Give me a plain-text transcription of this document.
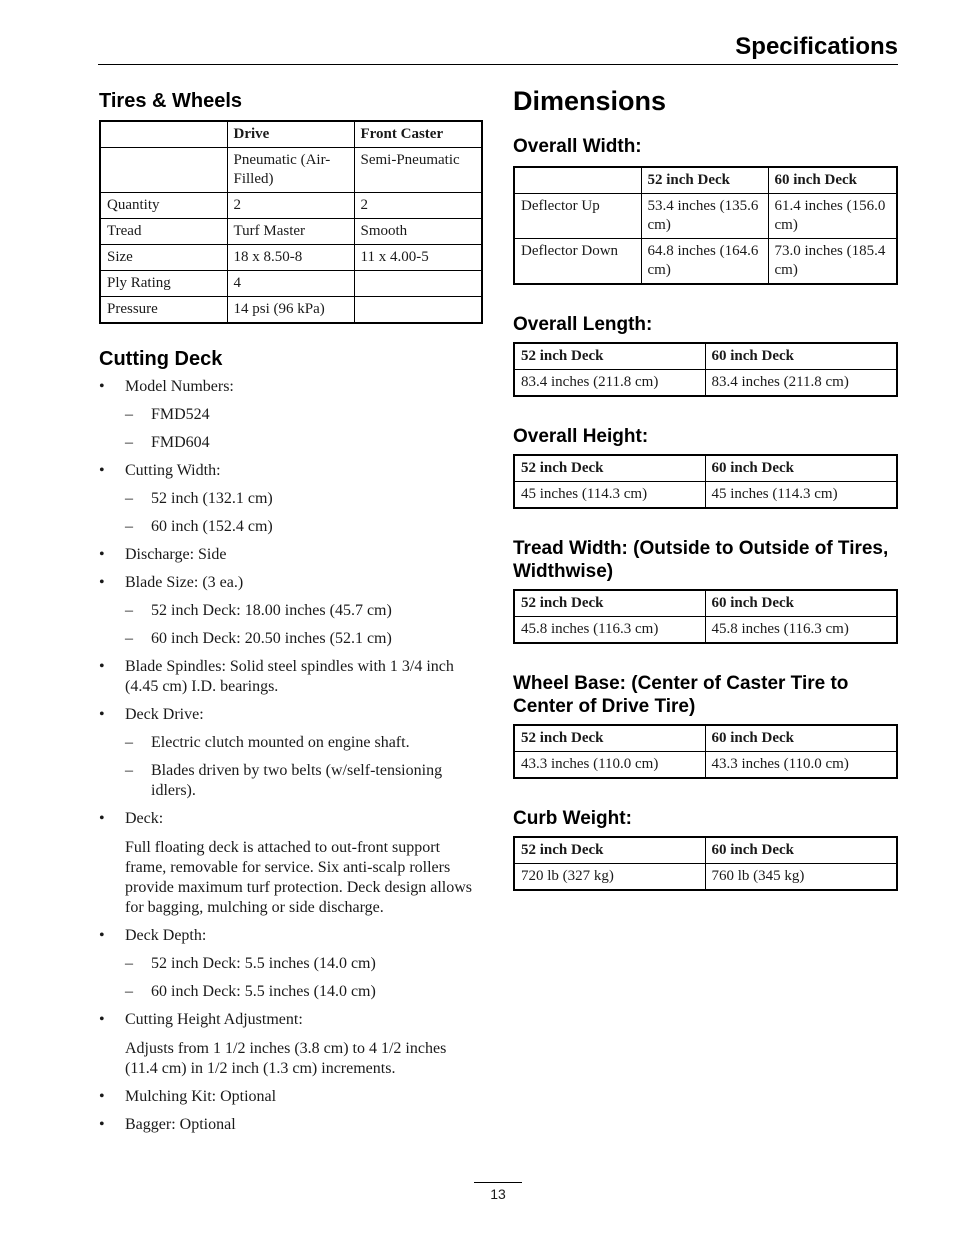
Specifications
Tires & Wheels
	Drive	Front Caster
	Pneumatic (Air-Filled)	Semi-Pneumatic
Quantity	2	2
Tread	Turf Master	Smooth
Size	18 x 8.50-8	11 x 4.00-5
Ply Rating	4	
Pressure	14 psi (96 kPa)	
Cutting Deck
• Model Numbers:
– FMD524
– FMD604
• Cutting Width:
– 52 inch (132.1 cm)
– 60 inch (152.4 cm)
• Discharge: Side
• Blade Size: (3 ea.)
– 52 inch Deck: 18.00 inches (45.7 cm)
– 60 inch Deck: 20.50 inches (52.1 cm)
• Blade Spindles: Solid steel spindles with 1 3/4 inch (4.45 cm) I.D. bearings.
• Deck Drive:
– Electric clutch mounted on engine shaft.
– Blades driven by two belts (w/self-tensioning idlers).
• Deck:

Full floating deck is attached to out-front support frame, removable for service. Six anti-scalp rollers provide maximum turf protection. Deck design allows for bagging, mulching or side discharge.

• Deck Depth:
– 52 inch Deck: 5.5 inches (14.0 cm)
– 60 inch Deck: 5.5 inches (14.0 cm)
• Cutting Height Adjustment:

Adjusts from 1 1/2 inches (3.8 cm) to 4 1/2 inches (11.4 cm) in 1/2 inch (1.3 cm) increments.

• Mulching Kit: Optional
• Bagger: Optional
Dimensions
Overall Width:
	52 inch Deck	60 inch Deck
Deflector Up	53.4 inches (135.6 cm)	61.4 inches (156.0 cm)
Deflector Down	64.8 inches (164.6 cm)	73.0 inches (185.4 cm)
Overall Length:
52 inch Deck	60 inch Deck
83.4 inches (211.8 cm)	83.4 inches (211.8 cm)
Overall Height:
52 inch Deck	60 inch Deck
45 inches (114.3 cm)	45 inches (114.3 cm)
Tread Width: (Outside to Outside of Tires, Widthwise)
52 inch Deck	60 inch Deck
45.8 inches (116.3 cm)	45.8 inches (116.3 cm)
Wheel Base: (Center of Caster Tire to Center of Drive Tire)
52 inch Deck	60 inch Deck
43.3 inches (110.0 cm)	43.3 inches (110.0 cm)
Curb Weight:
52 inch Deck	60 inch Deck
720 lb (327 kg)	760 lb (345 kg)
13
